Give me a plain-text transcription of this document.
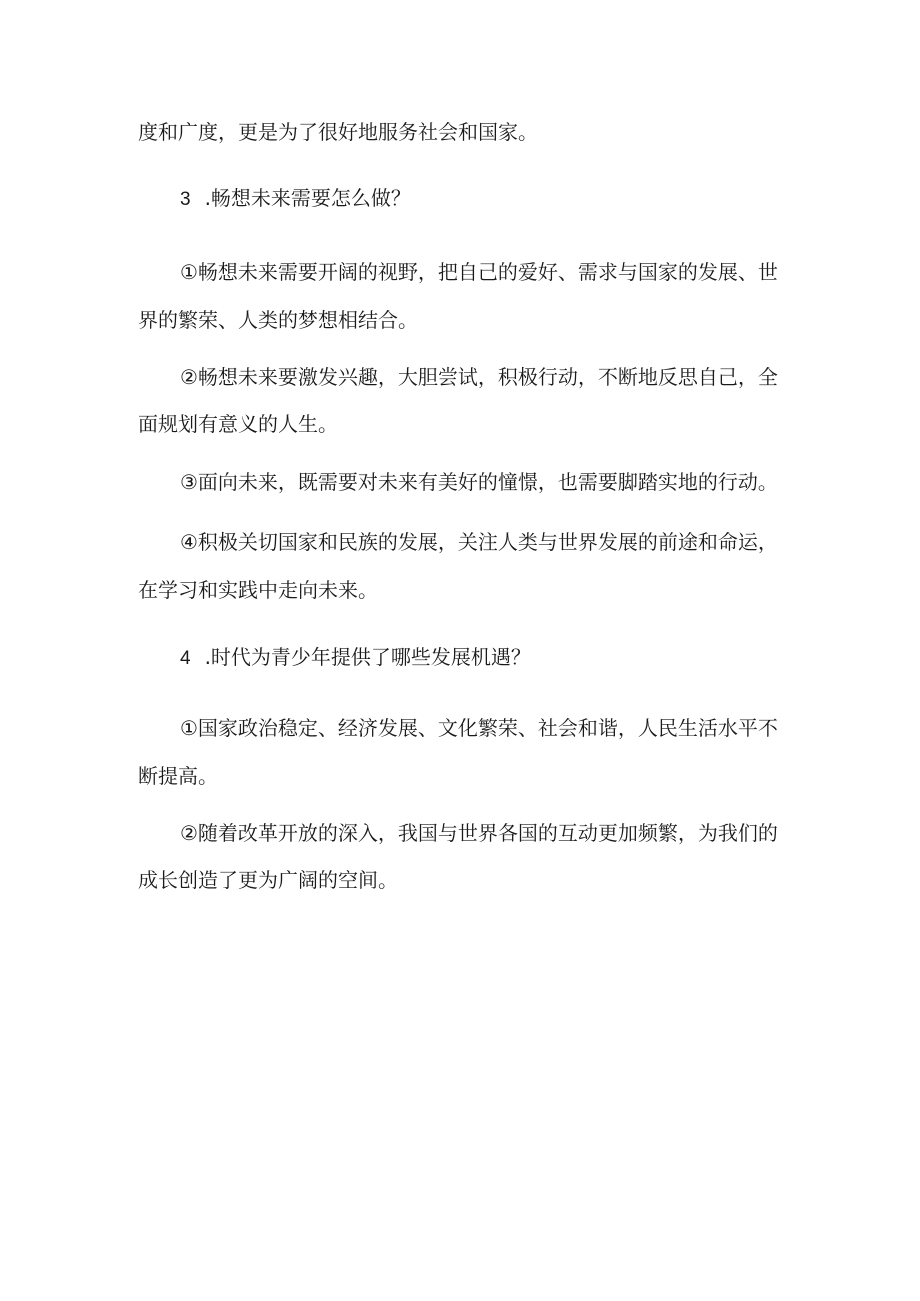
度和广度，更是为了很好地服务社会和国家。
3 .畅想未来需要怎么做？
①畅想未来需要开阔的视野，把自己的爱好、需求与国家的发展、世
界的繁荣、人类的梦想相结合。
②畅想未来要激发兴趣，大胆尝试，积极行动，不断地反思自己，全
面规划有意义的人生。
③面向未来，既需要对未来有美好的憧憬，也需要脚踏实地的行动。
④积极关切国家和民族的发展，关注人类与世界发展的前途和命运，
在学习和实践中走向未来。
4 .时代为青少年提供了哪些发展机遇？
①国家政治稳定、经济发展、文化繁荣、社会和谐，人民生活水平不
断提高。
②随着改革开放的深入，我国与世界各国的互动更加频繁，为我们的
成长创造了更为广阔的空间。
